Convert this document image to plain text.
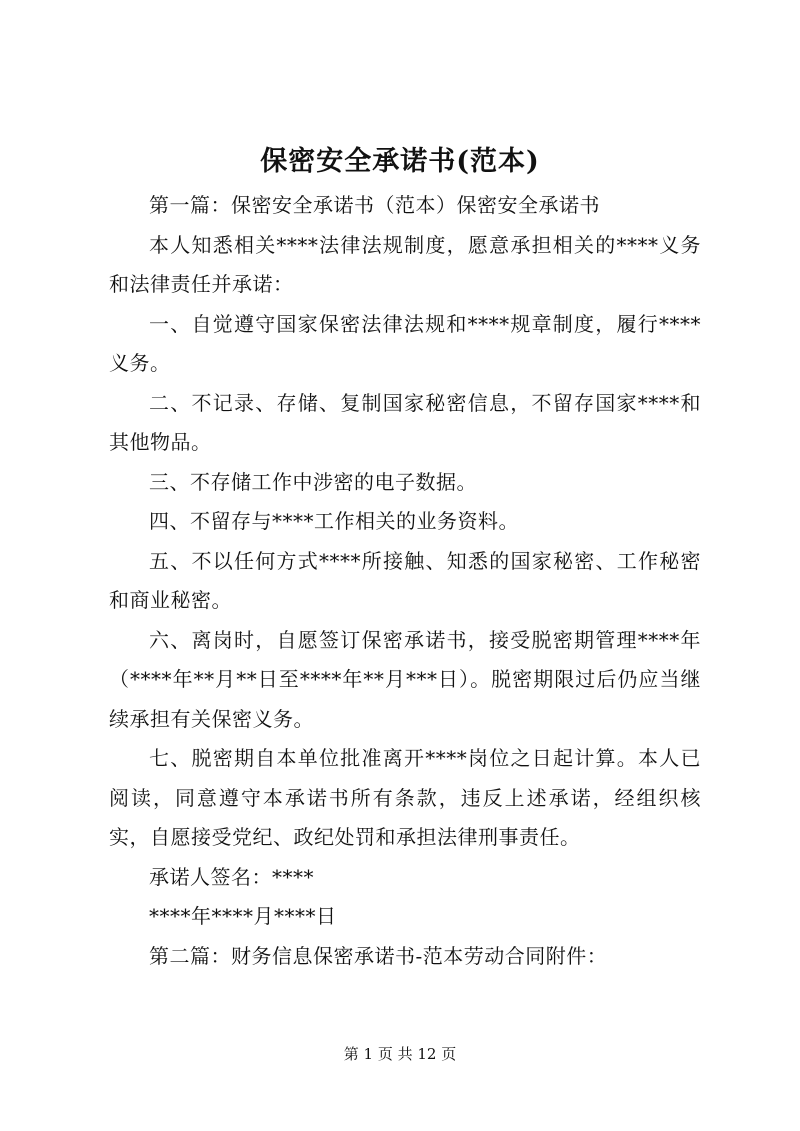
保密安全承诺书(范本)

第一篇：保密安全承诺书（范本）保密安全承诺书

本人知悉相关****法律法规制度，愿意承担相关的****义务和法律责任并承诺：

一、自觉遵守国家保密法律法规和****规章制度，履行****义务。

二、不记录、存储、复制国家秘密信息，不留存国家****和其他物品。

三、不存储工作中涉密的电子数据。

四、不留存与****工作相关的业务资料。

五、不以任何方式****所接触、知悉的国家秘密、工作秘密和商业秘密。

六、离岗时，自愿签订保密承诺书，接受脱密期管理****年（****年**月**日至****年**月***日）。脱密期限过后仍应当继续承担有关保密义务。

七、脱密期自本单位批准离开****岗位之日起计算。本人已阅读，同意遵守本承诺书所有条款，违反上述承诺，经组织核实，自愿接受党纪、政纪处罚和承担法律刑事责任。

承诺人签名：****

****年****月****日

第二篇：财务信息保密承诺书-范本劳动合同附件：

第 1 页 共 12 页
